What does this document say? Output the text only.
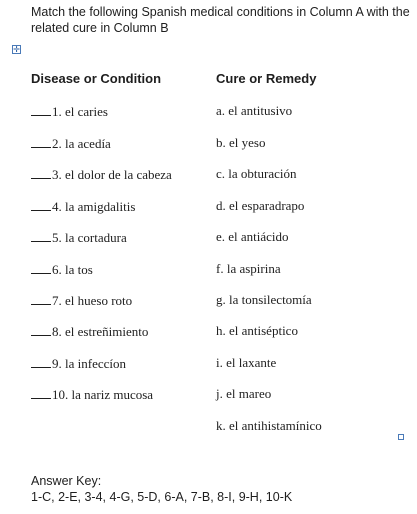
Match the following Spanish medical conditions in Column A with the related cure in Column B
✛
Disease or Condition	Cure or Remedy
1. el caries
2. la acedía
3. el dolor de la cabeza
4. la amigdalitis
5. la cortadura
6. la tos
7. el hueso roto
8. el estreñimiento
9. la infeccíon
10. la nariz mucosa
a. el antitusivo
b. el yeso
c. la obturación
d. el esparadrapo
e. el antiácido
f. la aspirina
g. la tonsilectomía
h. el antiséptico
i. el laxante
j. el mareo
k. el antihistamínico
Answer Key:
1-C, 2-E, 3-4, 4-G, 5-D, 6-A, 7-B, 8-I, 9-H, 10-K
